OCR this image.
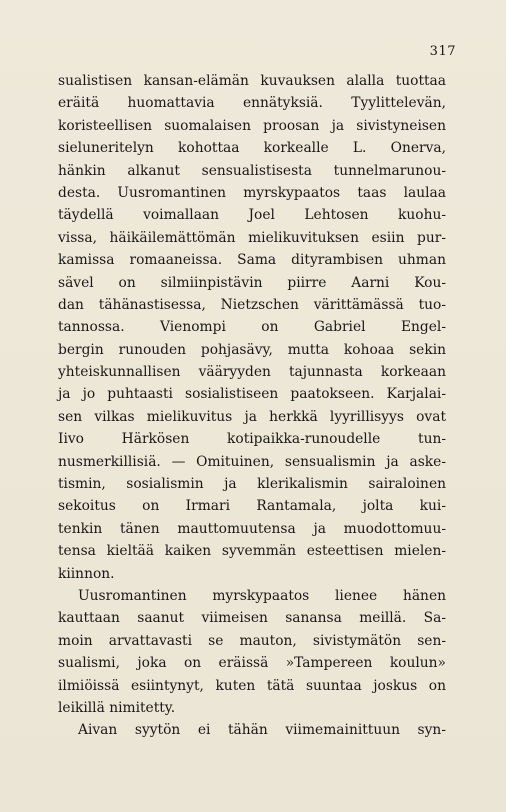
317
sualistisen kansan-elämän kuvauksen alalla tuottaa
eräitä huomattavia ennätyksiä. Tyylittelevän,
koristeellisen suomalaisen proosan ja sivistyneisen
sieluneritelyn kohottaa korkealle L. Onerva,
hänkin alkanut sensualistisesta tunnelmarunou-
desta. Uusromantinen myrskypaatos taas laulaa
täydellä voimallaan Joel Lehtosen kuohu-
vissa, häikäilemättömän mielikuvituksen esiin pur-
kamissa romaaneissa. Sama dityrambisen uhman
sävel on silmiinpistävin piirre Aarni Kou-
dan tähänastisessa, Nietzschen värittämässä tuo-
tannossa. Vienompi on Gabriel Engel-
bergin runouden pohjasävy, mutta kohoaa sekin
yhteiskunnallisen vääryyden tajunnasta korkeaan
ja jo puhtaasti sosialistiseen paatokseen. Karjalai-
sen vilkas mielikuvitus ja herkkä lyyrillisyys ovat
Iivo Härkösen kotipaikka-runoudelle tun-
nusmerkillisiä. — Omituinen, sensualismin ja aske-
tismin, sosialismin ja klerikalismin sairaloinen
sekoitus on Irmari Rantamala, jolta kui-
tenkin tänen mauttomuutensa ja muodottomuu-
tensa kieltää kaiken syvemmän esteettisen mielen-
kiinnon.
Uusromantinen myrskypaatos lienee hänen
kauttaan saanut viimeisen sanansa meillä. Sa-
moin arvattavasti se mauton, sivistymätön sen-
sualismi, joka on eräissä »Tampereen koulun»
ilmiöissä esiintynyt, kuten tätä suuntaa joskus on
leikillä nimitetty.
Aivan syytön ei tähän viimemainittuun syn-
